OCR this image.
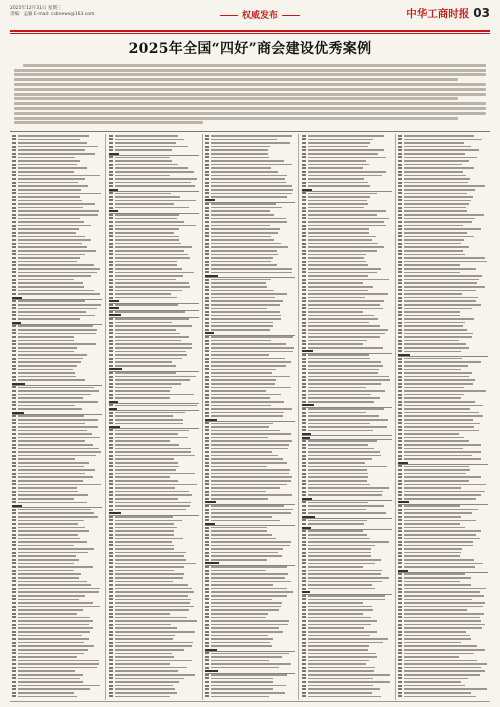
2025年12月31日 星期三
责编：孟颖 E-mail: csbnews@163.com	权威发布	中华工商时报 03
2025年全国“四好”商会建设优秀案例
